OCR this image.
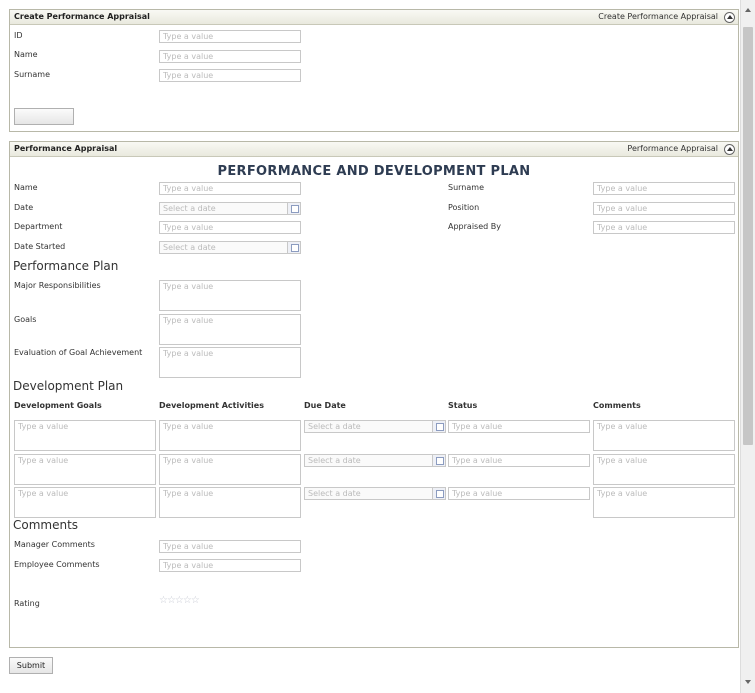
Create Performance Appraisal	Create Performance Appraisal
ID	Type a value
Name	Type a value
Surname	Type a value
Performance Appraisal	Performance Appraisal
PERFORMANCE AND DEVELOPMENT PLAN
Name	Type a value
Date	Select a date
Department	Type a value
Date Started	Select a date
Surname	Type a value
Position	Type a value
Appraised By	Type a value
Performance Plan
Major Responsibilities	Type a value
Goals	Type a value
Evaluation of Goal Achievement	Type a value
Development Plan
Development Goals	Development Activities	Due Date	Status	Comments
Type a value	Type a value	Select a date	Type a value	Type a value
Type a value	Type a value	Select a date	Type a value	Type a value
Type a value	Type a value	Select a date	Type a value	Type a value
Comments
Manager Comments	Type a value
Employee Comments	Type a value
Rating	☆☆☆☆☆
Submit
